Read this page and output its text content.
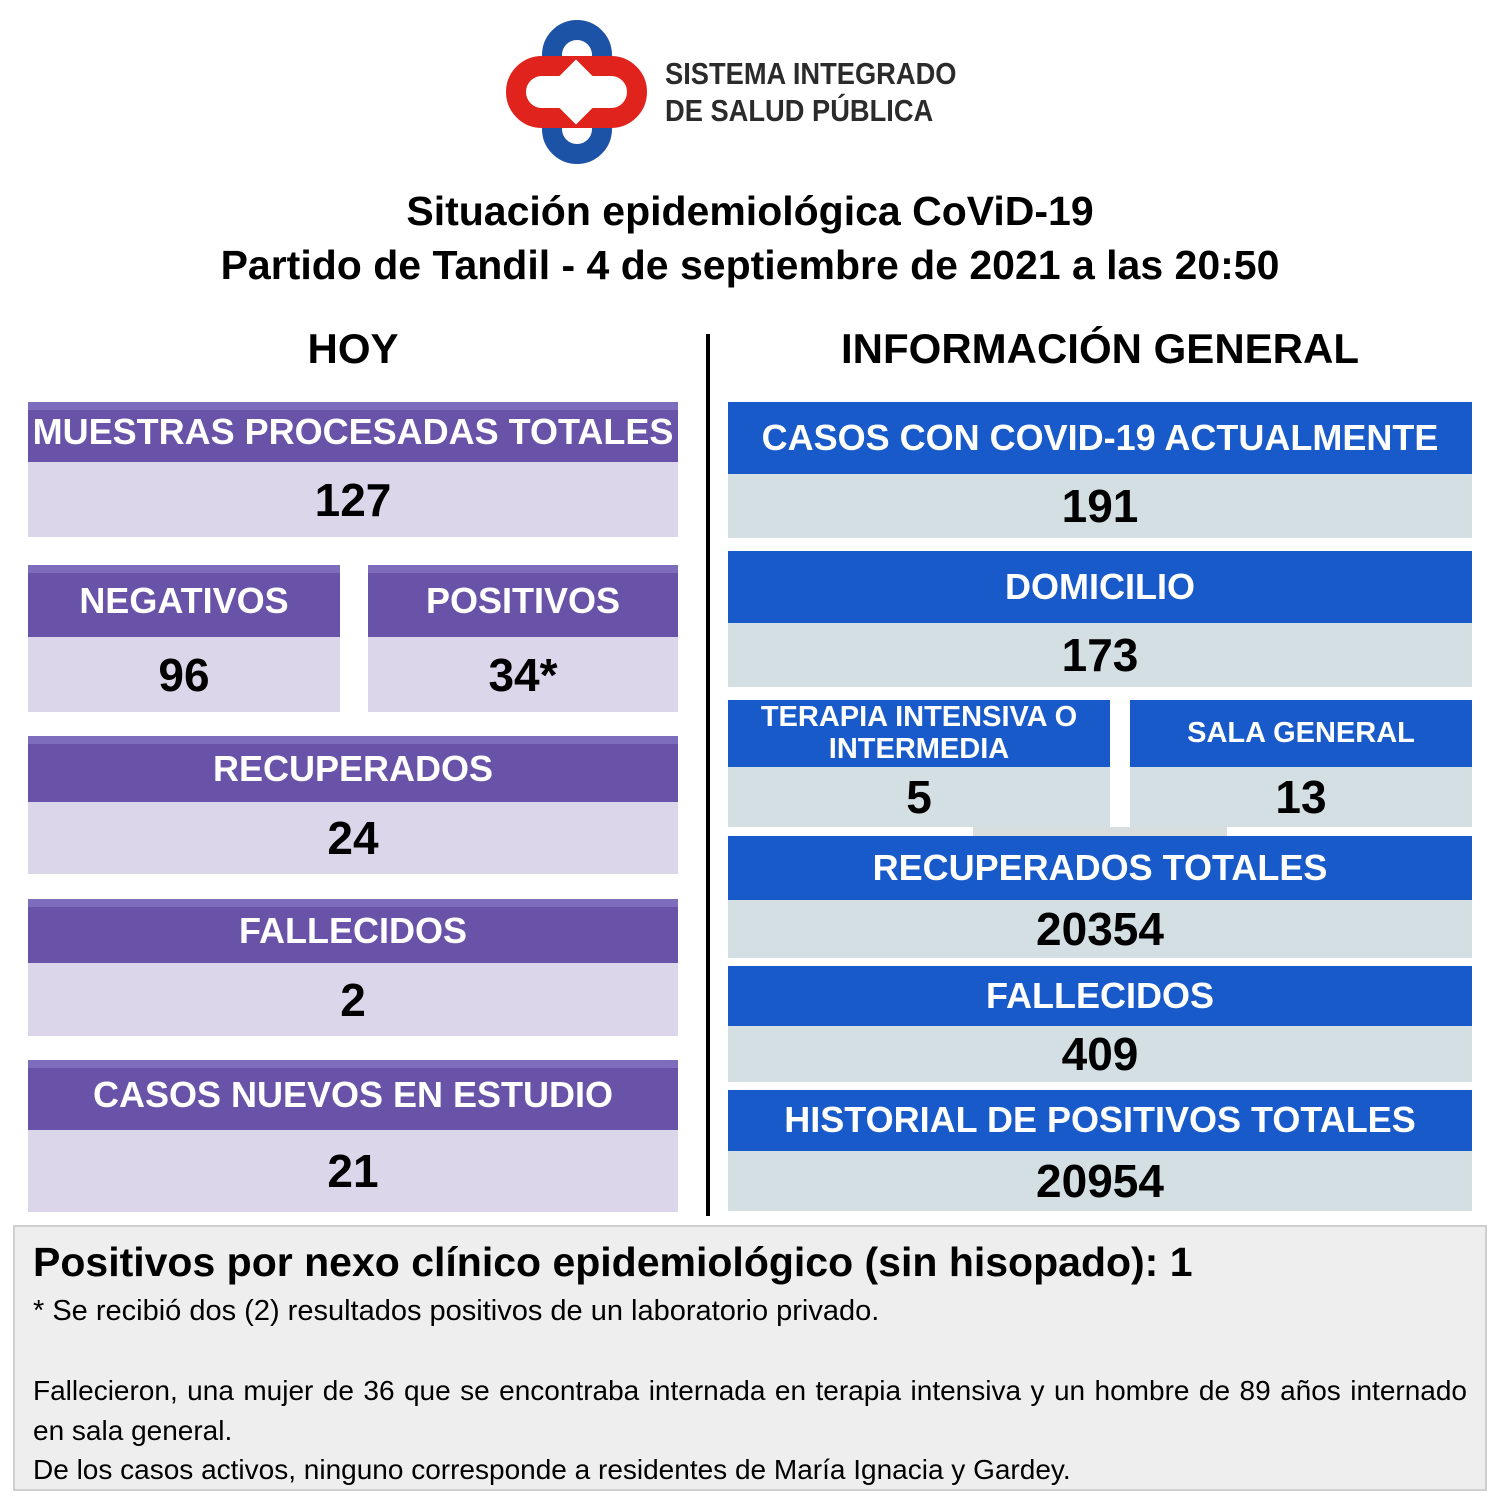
SISTEMA INTEGRADO
DE SALUD PÚBLICA
Situación epidemiológica CoViD-19
Partido de Tandil - 4 de septiembre de 2021 a las 20:50
HOY
MUESTRAS PROCESADAS TOTALES
127
NEGATIVOS
96
POSITIVOS
34*
RECUPERADOS
24
FALLECIDOS
2
CASOS NUEVOS EN ESTUDIO
21
INFORMACIÓN GENERAL
CASOS CON COVID-19 ACTUALMENTE
191
DOMICILIO
173
TERAPIA INTENSIVA O INTERMEDIA
5
SALA GENERAL
13
RECUPERADOS TOTALES
20354
FALLECIDOS
409
HISTORIAL DE POSITIVOS TOTALES
20954

Positivos por nexo clínico epidemiológico (sin hisopado): 1

* Se recibió dos (2) resultados positivos de un laboratorio privado.

Fallecieron, una mujer de 36 que se encontraba internada en terapia intensiva y un hombre de 89 años internado en sala general.

De los casos activos, ninguno corresponde a residentes de María Ignacia y Gardey.
